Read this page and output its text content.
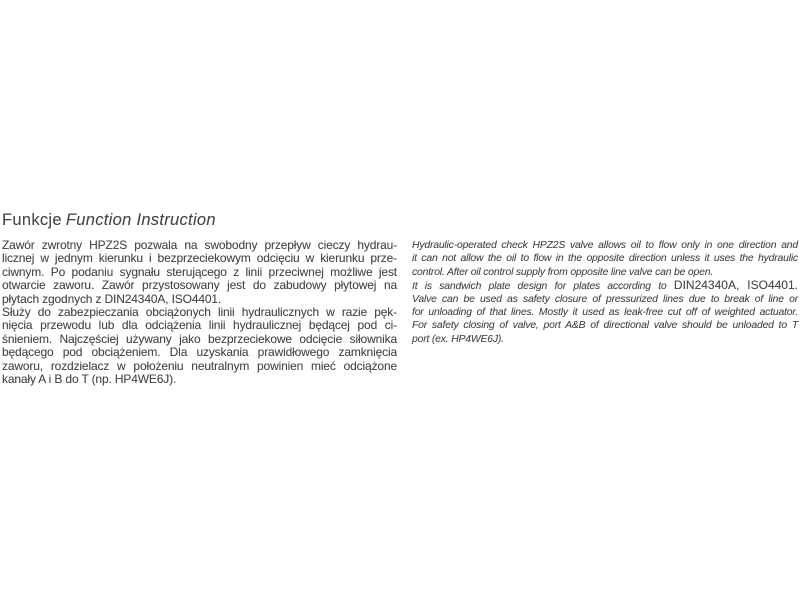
Funkcje Function Instruction
Zawór zwrotny HPZ2S pozwala na swobodny przepływ cieczy hydrau-
licznej w jednym kierunku i bezprzeciekowym odcięciu w kierunku prze-
ciwnym. Po podaniu sygnału sterującego z linii przeciwnej możliwe jest
otwarcie zaworu. Zawór przystosowany jest do zabudowy płytowej na
płytach zgodnych z DIN24340A, ISO4401.
Służy do zabezpieczania obciążonych linii hydraulicznych w razie pęk-
nięcia przewodu lub dla odciążenia linii hydraulicznej będącej pod ci-
śnieniem. Najczęściej używany jako bezprzeciekowe odcięcie siłownika
będącego pod obciążeniem. Dla uzyskania prawidłowego zamknięcia
zaworu, rozdzielacz w położeniu neutralnym powinien mieć odciążone
kanały A i B do T (np. HP4WE6J).
Hydraulic-operated check HPZ2S valve allows oil to flow only in one direction and
it can not allow the oil to flow in the opposite direction unless it uses the hydraulic
control. After oil control supply from opposite line valve can be open.
It is sandwich plate design for plates according to DIN24340A, ISO4401.
Valve can be used as safety closure of pressurized lines due to break of line or
for unloading of that lines. Mostly it used as leak-free cut off of weighted actuator.
For safety closing of valve, port A&B of directional valve should be unloaded to T
port (ex. HP4WE6J).
